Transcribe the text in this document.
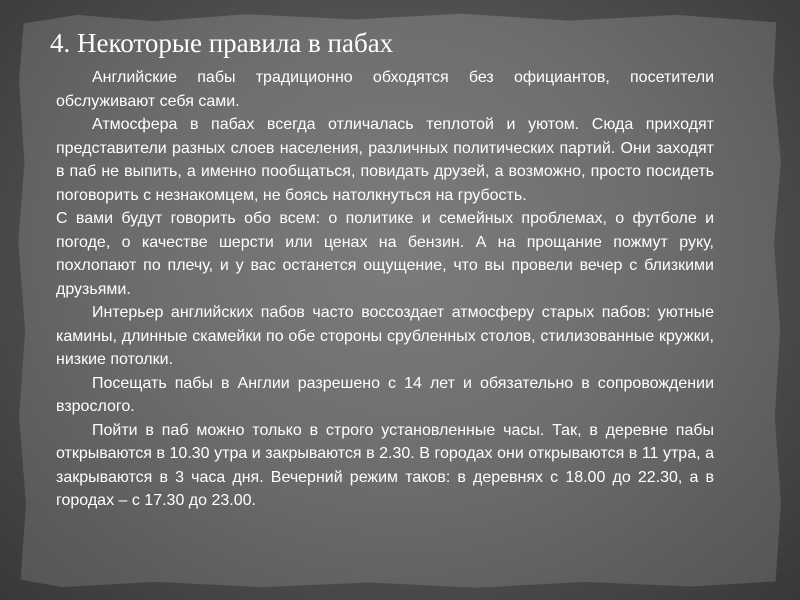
4. Некоторые правила в пабах

Английские пабы традиционно обходятся без официантов, посетители обслуживают себя сами.

Атмосфера в пабах всегда отличалась теплотой и уютом. Сюда приходят представители разных слоев населения, различных политических партий. Они заходят в паб не выпить, а именно пообщаться, повидать друзей, а возможно, просто посидеть поговорить с незнакомцем, не боясь натолкнуться на грубость.

С вами будут говорить обо всем: о политике и семейных проблемах, о футболе и погоде, о качестве шерсти или ценах на бензин. А на прощание пожмут руку, похлопают по плечу, и у вас останется ощущение, что вы провели вечер с близкими друзьями.

Интерьер английских пабов часто воссоздает атмосферу старых пабов: уютные камины, длинные скамейки по обе стороны срубленных столов, стилизованные кружки, низкие потолки.

Посещать пабы в Англии разрешено с 14 лет и обязательно в сопровождении взрослого.

Пойти в паб можно только в строго установленные часы. Так, в деревне пабы открываются в 10.30 утра и закрываются в 2.30. В городах они открываются в 11 утра, а закрываются в 3 часа дня. Вечерний режим таков: в деревнях с 18.00 до 22.30, а в городах – с 17.30 до 23.00.
